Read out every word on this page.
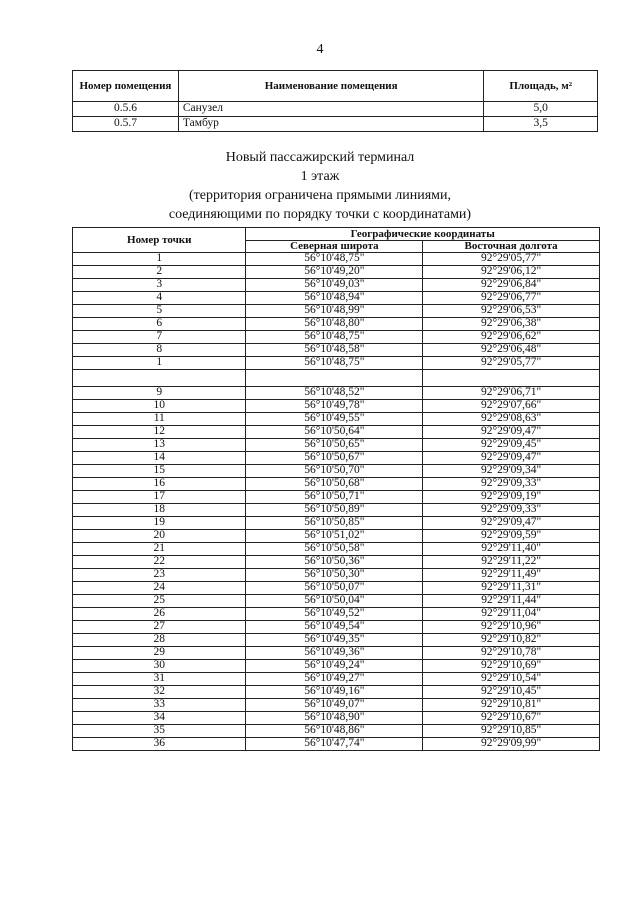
4
Номер помещения	Наименование помещения	Площадь, м²
0.5.6	Санузел	5,0
0.5.7	Тамбур	3,5
Новый пассажирский терминал
1 этаж
(территория ограничена прямыми линиями,
соединяющими по порядку точки с координатами)
Номер точки	Географические координаты	
	Северная широта	Восточная долгота
1	56°10'48,75"	92°29'05,77"
2	56°10'49,20"	92°29'06,12"
3	56°10'49,03"	92°29'06,84"
4	56°10'48,94"	92°29'06,77"
5	56°10'48,99"	92°29'06,53"
6	56°10'48,80"	92°29'06,38"
7	56°10'48,75"	92°29'06,62"
8	56°10'48,58"	92°29'06,48"
1	56°10'48,75"	92°29'05,77"

9	56°10'48,52"	92°29'06,71"
10	56°10'49,78"	92°29'07,66"
11	56°10'49,55"	92°29'08,63"
12	56°10'50,64"	92°29'09,47"
13	56°10'50,65"	92°29'09,45"
14	56°10'50,67"	92°29'09,47"
15	56°10'50,70"	92°29'09,34"
16	56°10'50,68"	92°29'09,33"
17	56°10'50,71"	92°29'09,19"
18	56°10'50,89"	92°29'09,33"
19	56°10'50,85"	92°29'09,47"
20	56°10'51,02"	92°29'09,59"
21	56°10'50,58"	92°29'11,40"
22	56°10'50,36"	92°29'11,22"
23	56°10'50,30"	92°29'11,49"
24	56°10'50,07"	92°29'11,31"
25	56°10'50,04"	92°29'11,44"
26	56°10'49,52"	92°29'11,04"
27	56°10'49,54"	92°29'10,96"
28	56°10'49,35"	92°29'10,82"
29	56°10'49,36"	92°29'10,78"
30	56°10'49,24"	92°29'10,69"
31	56°10'49,27"	92°29'10,54"
32	56°10'49,16"	92°29'10,45"
33	56°10'49,07"	92°29'10,81"
34	56°10'48,90"	92°29'10,67"
35	56°10'48,86"	92°29'10,85"
36	56°10'47,74"	92°29'09,99"
